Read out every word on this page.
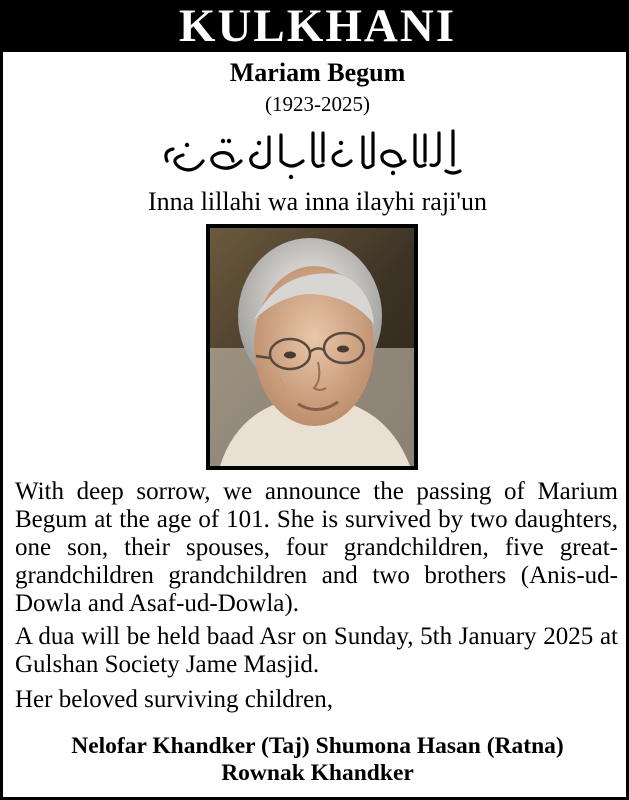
KULKHANI
Mariam Begum
(1923-2025)
Inna lillahi wa inna ilayhi raji'un
With deep sorrow, we announce the passing of Marium Begum at the age of 101. She is survived by two daughters, one son, their spouses, four grandchildren, five great-grandchildren grandchildren and two brothers (Anis-ud-Dowla and Asaf-ud-Dowla).
A dua will be held baad Asr on Sunday, 5th January 2025 at Gulshan Society Jame Masjid.
Her beloved surviving children,
Nelofar Khandker (Taj) Shumona Hasan (Ratna)
Rownak Khandker
